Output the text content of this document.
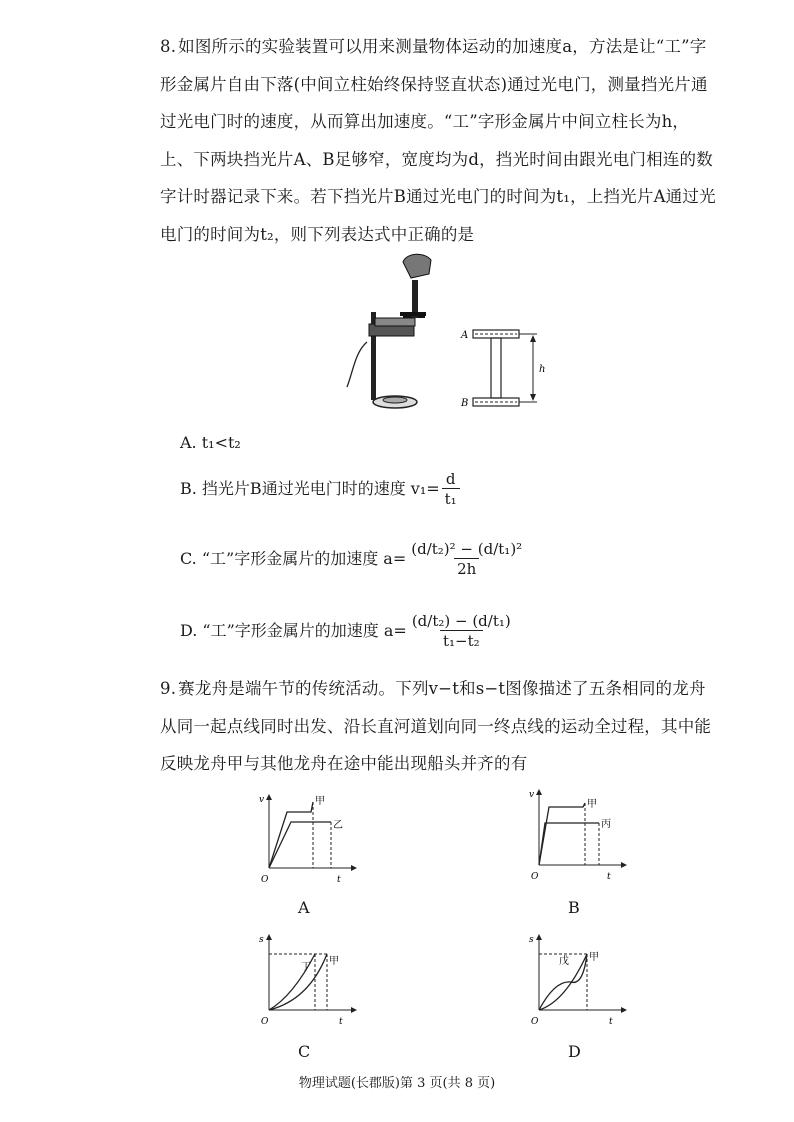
8. 如图所示的实验装置可以用来测量物体运动的加速度a，方法是让“工”字形金属片自由下落(中间立柱始终保持竖直状态)通过光电门，测量挡光片通过光电门时的速度，从而算出加速度。“工”字形金属片中间立柱长为h，上、下两块挡光片A、B足够窄，宽度均为d，挡光时间由跟光电门相连的数字计时器记录下来。若下挡光片B通过光电门的时间为t₁，上挡光片A通过光电门的时间为t₂，则下列表达式中正确的是
A
B
h
A. t₁<t₂
B. 挡光片B通过光电门时的速度 $v_1= \frac{d}{\text{t₁}}$
C. “工”字形金属片的加速度 $a= \frac{\text{(d/t₂)² − (d/t₁)²}}{2h}$
D. “工”字形金属片的加速度 $a= \frac{\text{(d/t₂) − (d/t₁)}}{\text{t₁−t₂}}$
9. 赛龙舟是端午节的传统活动。下列v−t和s−t图像描述了五条相同的龙舟从同一起点线同时出发、沿长直河道划向同一终点线的运动全过程，其中能反映龙舟甲与其他龙舟在途中能出现船头并齐的有
v
t
O
甲
乙
A
v
t
O
甲
丙
B
s
t
O
丁
甲
C
s
t
O
戊 甲
D
物理试题(长郡版)第 3 页(共 8 页)
